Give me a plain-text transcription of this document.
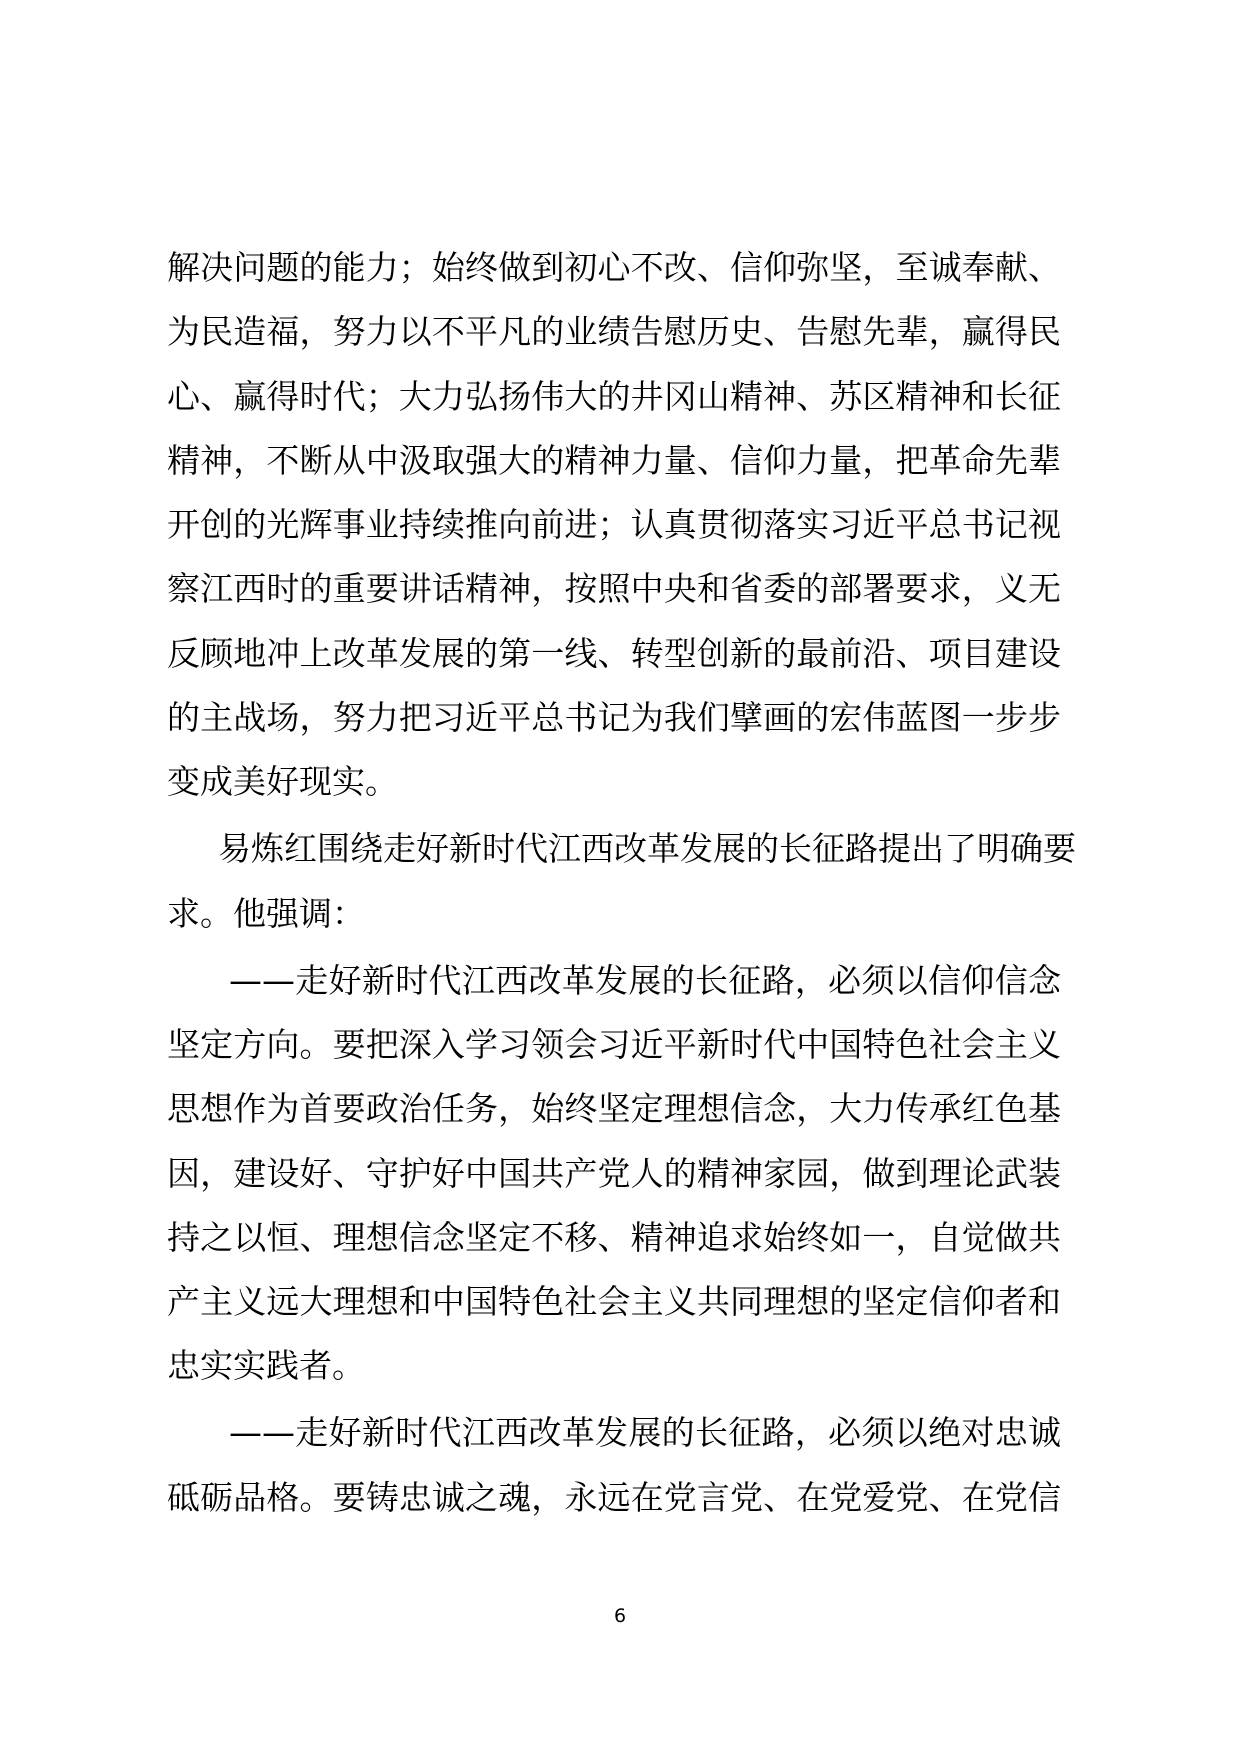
解决问题的能力；始终做到初心不改、信仰弥坚，至诚奉献、
为民造福，努力以不平凡的业绩告慰历史、告慰先辈，赢得民
心、赢得时代；大力弘扬伟大的井冈山精神、苏区精神和长征
精神，不断从中汲取强大的精神力量、信仰力量，把革命先辈
开创的光辉事业持续推向前进；认真贯彻落实习近平总书记视
察江西时的重要讲话精神，按照中央和省委的部署要求，义无
反顾地冲上改革发展的第一线、转型创新的最前沿、项目建设
的主战场，努力把习近平总书记为我们擘画的宏伟蓝图一步步
变成美好现实。
易炼红围绕走好新时代江西改革发展的长征路提出了明确要
求。他强调：
——走好新时代江西改革发展的长征路，必须以信仰信念
坚定方向。要把深入学习领会习近平新时代中国特色社会主义
思想作为首要政治任务，始终坚定理想信念，大力传承红色基
因，建设好、守护好中国共产党人的精神家园，做到理论武装
持之以恒、理想信念坚定不移、精神追求始终如一，自觉做共
产主义远大理想和中国特色社会主义共同理想的坚定信仰者和
忠实实践者。
——走好新时代江西改革发展的长征路，必须以绝对忠诚
砥砺品格。要铸忠诚之魂，永远在党言党、在党爱党、在党信
6
